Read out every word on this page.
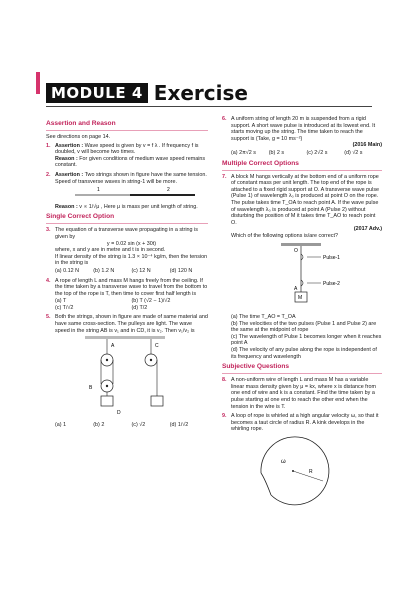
MODULE 4 Exercise
Assertion and Reason
See directions on page 14.
1. Assertion : Wave speed is given by v = f λ . If frequency f is doubled, v will become two times.
Reason : For given conditions of medium wave speed remains constant.
2. Assertion : Two strings shown in figure have the same tension. Speed of transverse waves in string-1 will be more.
1	2
Reason : v ∝ 1/√μ , Here μ is mass per unit length of string.
Single Correct Option
3. The equation of a transverse wave propagating in a string is given by
y = 0.02 sin (x + 30t)
where, x and y are in metre and t is in second.
If linear density of the string is 1.3 × 10⁻⁴ kg/m, then the tension in the string is
(a) 0.12 N	(b) 1.2 N	(c) 12 N	(d) 120 N
4. A rope of length L and mass M hangs freely from the ceiling. If the time taken by a transverse wave to travel from the bottom to the top of the rope is T, then time to cover first half length is
(a) T	(b) T (√2 − 1)/√2
(c) T/√2	(d) T/2
5. Both the strings, shown in figure are made of same material and have same cross-section. The pulleys are light. The wave speed in the string AB is v₁ and in CD, it is v₂. Then v₁/v₂ is
A
B
C
D
(a) 1	(b) 2	(c) √2	(d) 1/√2
6. A uniform string of length 20 m is suspended from a rigid support. A short wave pulse is introduced at its lowest end. It starts moving up the string. The time taken to reach the support is (Take, g = 10 ms⁻²)
(2016 Main)
(a) 2π√2 s	(b) 2 s	(c) 2√2 s	(d) √2 s
Multiple Correct Options
7. A block M hangs vertically at the bottom end of a uniform rope of constant mass per unit length. The top end of the rope is attached to a fixed rigid support at O. A transverse wave pulse (Pulse 1) of wavelength λ₀ is produced at point O on the rope. The pulse takes time T_OA to reach point A. If the wave pulse of wavelength λ₀ is produced at point A (Pulse 2) without disturbing the position of M it takes time T_AO to reach point O.
(2017 Adv.)
Which of the following options is/are correct?
O
A
M
Pulse-1
Pulse-2
(a) The time T_AO = T_OA
(b) The velocities of the two pulses (Pulse 1 and Pulse 2) are the same at the midpoint of rope
(c) The wavelength of Pulse 1 becomes longer when it reaches point A
(d) The velocity of any pulse along the rope is independent of its frequency and wavelength
Subjective Questions
8. A non-uniform wire of length L and mass M has a variable linear mass density given by μ = kx, where x is distance from one end of wire and k is a constant. Find the time taken by a pulse starting at one end to reach the other end when the tension in the wire is T.
9. A loop of rope is whirled at a high angular velocity ω, so that it becomes a taut circle of radius R. A kink develops in the whirling rope.
R
ω
